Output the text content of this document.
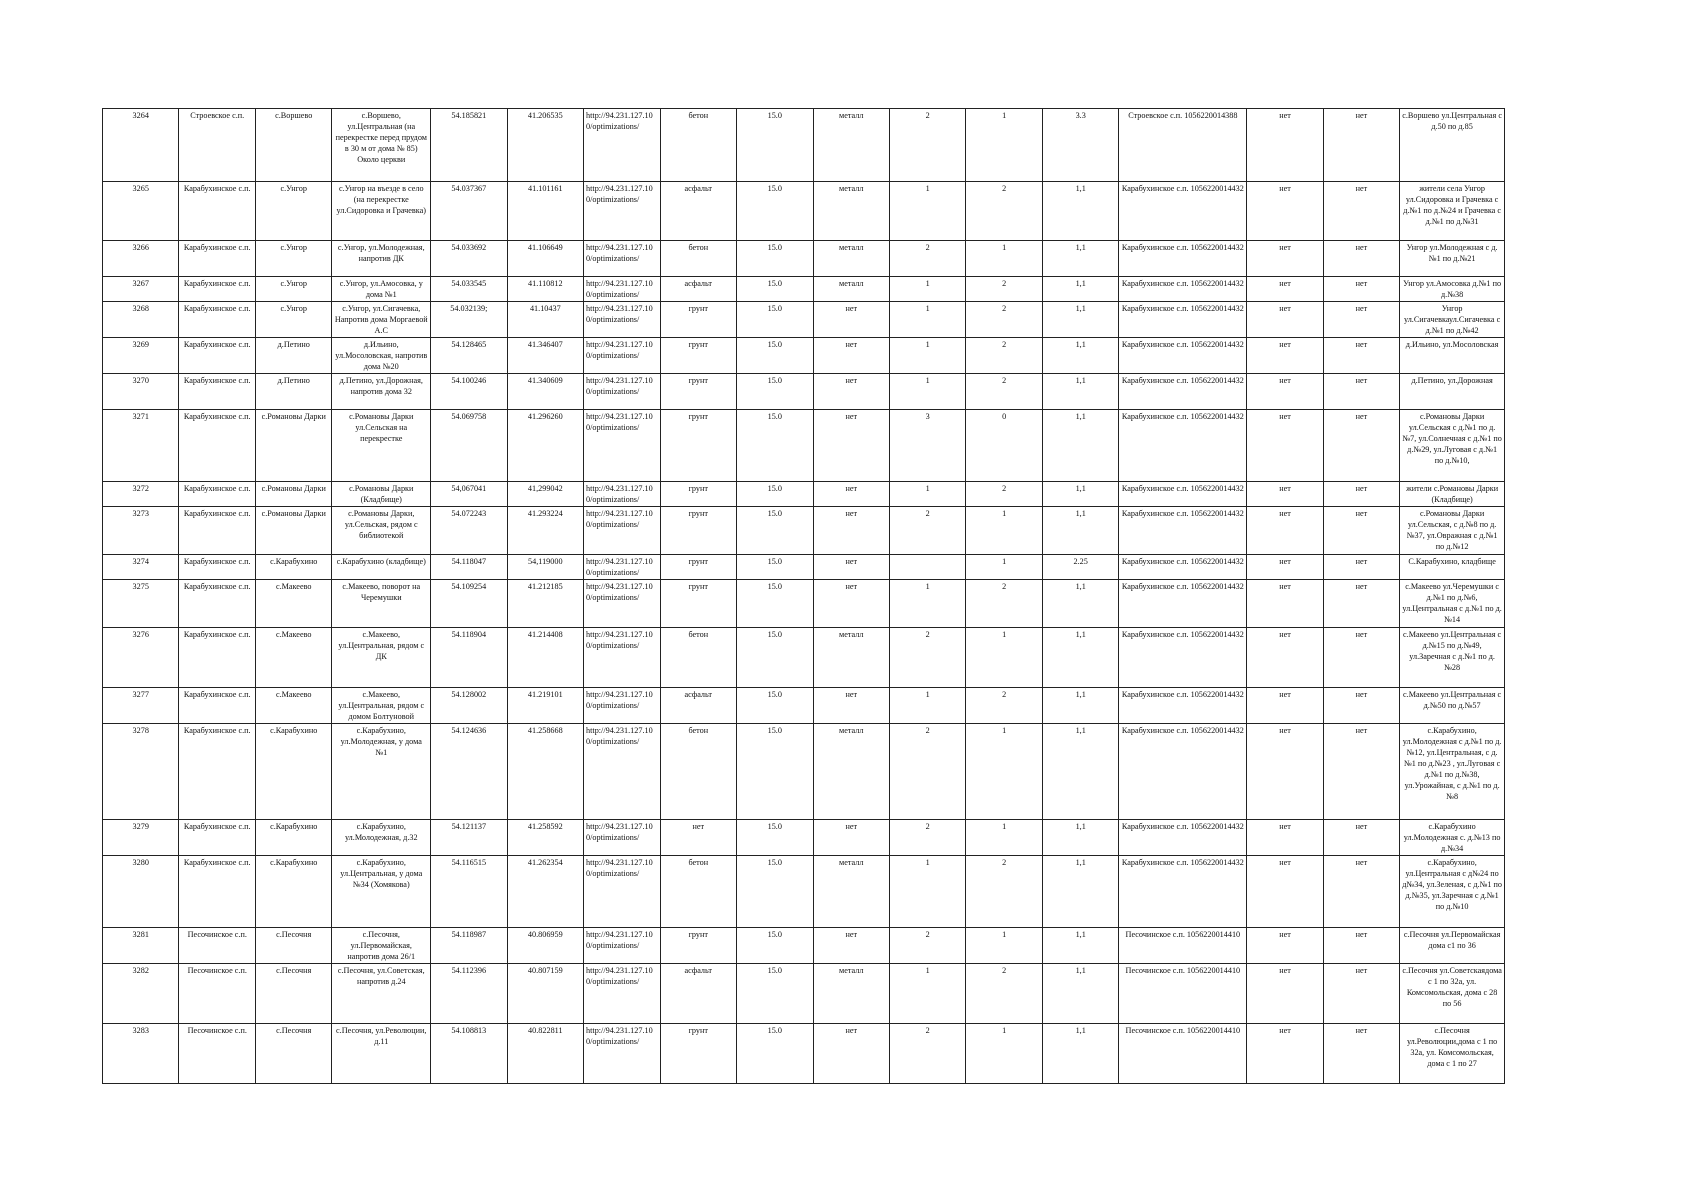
3264	Строевское с.п.	с.Воршево	с.Воршево, ул.Центральная (на перекрестке перед прудом в 30 м от дома № 85) Около церкви	54.185821	41.206535	http://94.231.127.10 0/optimizations/	бетон	15.0	металл	2	1	3.3	Строевское с.п. 1056220014388	нет	нет	с.Воршево ул.Центральная с д.50 по д.85
3265	Карабухинское с.п.	с.Унгор	с.Унгор на въезде в село (на перекрестке ул.Сидоровка и Грачевка)	54.037367	41.101161	http://94.231.127.10 0/optimizations/	асфальт	15.0	металл	1	2	1,1	Карабухинское с.п. 1056220014432	нет	нет	жители села Унгор ул.Сидоровка и Грачевка с д.№1 по д.№24 и Грачевка с д.№1 по д.№31
3266	Карабухинское с.п.	с.Унгор	с.Унгор, ул.Молодежная, напротив ДК	54.033692	41.106649	http://94.231.127.10 0/optimizations/	бетон	15.0	металл	2	1	1,1	Карабухинское с.п. 1056220014432	нет	нет	Унгор ул.Молодежная с д.№1 по д.№21
3267	Карабухинское с.п.	с.Унгор	с.Унгор, ул.Амосовка, у дома №1	54.033545	41.110812	http://94.231.127.10 0/optimizations/	асфальт	15.0	металл	1	2	1,1	Карабухинское с.п. 1056220014432	нет	нет	Унгор ул.Амосовка д.№1 по д.№38
3268	Карабухинское с.п.	с.Унгор	с.Унгор, ул.Сигачевка, Напротив дома Моргаевой А.С	54.032139;	41.10437	http://94.231.127.10 0/optimizations/	грунт	15.0	нет	1	2	1,1	Карабухинское с.п. 1056220014432	нет	нет	Унгор ул.Сигачевкаул.Сигачевка с д.№1 по д.№42
3269	Карабухинское с.п.	д.Петино	д.Ильино, ул.Мосоловская, напротив дома №20	54.128465	41.346407	http://94.231.127.10 0/optimizations/	грунт	15.0	нет	1	2	1,1	Карабухинское с.п. 1056220014432	нет	нет	д.Ильино, ул.Мосоловская
3270	Карабухинское с.п.	д.Петино	д.Петино, ул.Дорожная, напротив дома 32	54.100246	41.340609	http://94.231.127.10 0/optimizations/	грунт	15.0	нет	1	2	1,1	Карабухинское с.п. 1056220014432	нет	нет	д.Петино, ул.Дорожная
3271	Карабухинское с.п.	с.Романовы Дарки	с.Романовы Дарки ул.Сельская на перекрестке	54.069758	41.296260	http://94.231.127.10 0/optimizations/	грунт	15.0	нет	3	0	1,1	Карабухинское с.п. 1056220014432	нет	нет	с.Романовы Дарки ул.Сельская с д.№1 по д.№7, ул.Солнечная с д.№1 по д.№29, ул.Луговая с д.№1 по д.№10,
3272	Карабухинское с.п.	с.Романовы Дарки	с.Романовы Дарки (Кладбище)	54,067041	41,299042	http://94.231.127.10 0/optimizations/	грунт	15.0	нет	1	2	1,1	Карабухинское с.п. 1056220014432	нет	нет	жители с.Романовы Дарки (Кладбище)
3273	Карабухинское с.п.	с.Романовы Дарки	с.Романовы Дарки, ул.Сельская, рядом с библиотекой	54.072243	41.293224	http://94.231.127.10 0/optimizations/	грунт	15.0	нет	2	1	1,1	Карабухинское с.п. 1056220014432	нет	нет	с.Романовы Дарки ул.Сельская, с д.№8 по д.№37, ул.Овражная с д.№1 по д.№12
3274	Карабухинское с.п.	с.Карабухино	с.Карабухино (кладбище)	54.118047	54,119000	http://94.231.127.10 0/optimizations/	грунт	15.0	нет		1	2.25	Карабухинское с.п. 1056220014432	нет	нет	С.Карабухино, кладбище
3275	Карабухинское с.п.	с.Макеево	с.Макеево, поворот на Черемушки	54.109254	41.212185	http://94.231.127.10 0/optimizations/	грунт	15.0	нет	1	2	1,1	Карабухинское с.п. 1056220014432	нет	нет	с.Макеево ул.Черемушки с д.№1 по д.№6, ул.Центральная с д.№1 по д.№14
3276	Карабухинское с.п.	с.Макеево	с.Макеево, ул.Центральная, рядом с ДК	54.118904	41.214408	http://94.231.127.10 0/optimizations/	бетон	15.0	металл	2	1	1,1	Карабухинское с.п. 1056220014432	нет	нет	с.Макеево ул.Центральная с д.№15 по д.№49, ул.Заречная с д.№1 по д.№28
3277	Карабухинское с.п.	с.Макеево	с.Макеево, ул.Центральная, рядом с домом Болтуновой	54.128002	41.219101	http://94.231.127.10 0/optimizations/	асфальт	15.0	нет	1	2	1,1	Карабухинское с.п. 1056220014432	нет	нет	с.Макеево ул.Центральная с д.№50 по д.№57
3278	Карабухинское с.п.	с.Карабухино	с.Карабухино, ул.Молодежная, у дома №1	54.124636	41.258668	http://94.231.127.10 0/optimizations/	бетон	15.0	металл	2	1	1,1	Карабухинское с.п. 1056220014432	нет	нет	с.Карабухино, ул.Молодежная с д.№1 по д.№12, ул.Центральная, с д.№1 по д.№23 , ул.Луговая с д.№1 по д.№38, ул.Урожайная, с д.№1 по д.№8
3279	Карабухинское с.п.	с.Карабухино	с.Карабухино, ул.Молодежная, д.32	54.121137	41.258592	http://94.231.127.10 0/optimizations/	нет	15.0	нет	2	1	1,1	Карабухинское с.п. 1056220014432	нет	нет	с.Карабухино ул.Молодежная с. д.№13 по д.№34
3280	Карабухинское с.п.	с.Карабухино	с.Карабухино, ул.Центральная, у дома №34 (Хомякова)	54.116515	41.262354	http://94.231.127.10 0/optimizations/	бетон	15.0	металл	1	2	1,1	Карабухинское с.п. 1056220014432	нет	нет	с.Карабухино, ул.Центральная с д№24 по д№34, ул.Зеленая, с д.№1 по д.№35, ул.Заречная с д.№1 по д.№10
3281	Песочинское с.п.	с.Песочня	с.Песочня, ул.Первомайская, напротив дома 26/1	54.118987	40.806959	http://94.231.127.10 0/optimizations/	грунт	15.0	нет	2	1	1,1	Песочинское с.п. 1056220014410	нет	нет	с.Песочня ул.Первомайская дома с1 по 36
3282	Песочинское с.п.	с.Песочня	с.Песочня, ул.Советская, напротив д.24	54.112396	40.807159	http://94.231.127.10 0/optimizations/	асфальт	15.0	металл	1	2	1,1	Песочинское с.п. 1056220014410	нет	нет	с.Песочня ул.Советскаядома с 1 по 32а, ул. Комсомольская, дома с 28 по 56
3283	Песочинское с.п.	с.Песочня	с.Песочня, ул.Революции, д.11	54.108813	40.822811	http://94.231.127.10 0/optimizations/	грунт	15.0	нет	2	1	1,1	Песочинское с.п. 1056220014410	нет	нет	с.Песочня ул.Революции,дома с 1 по 32а, ул. Комсомольская, дома с 1 по 27
